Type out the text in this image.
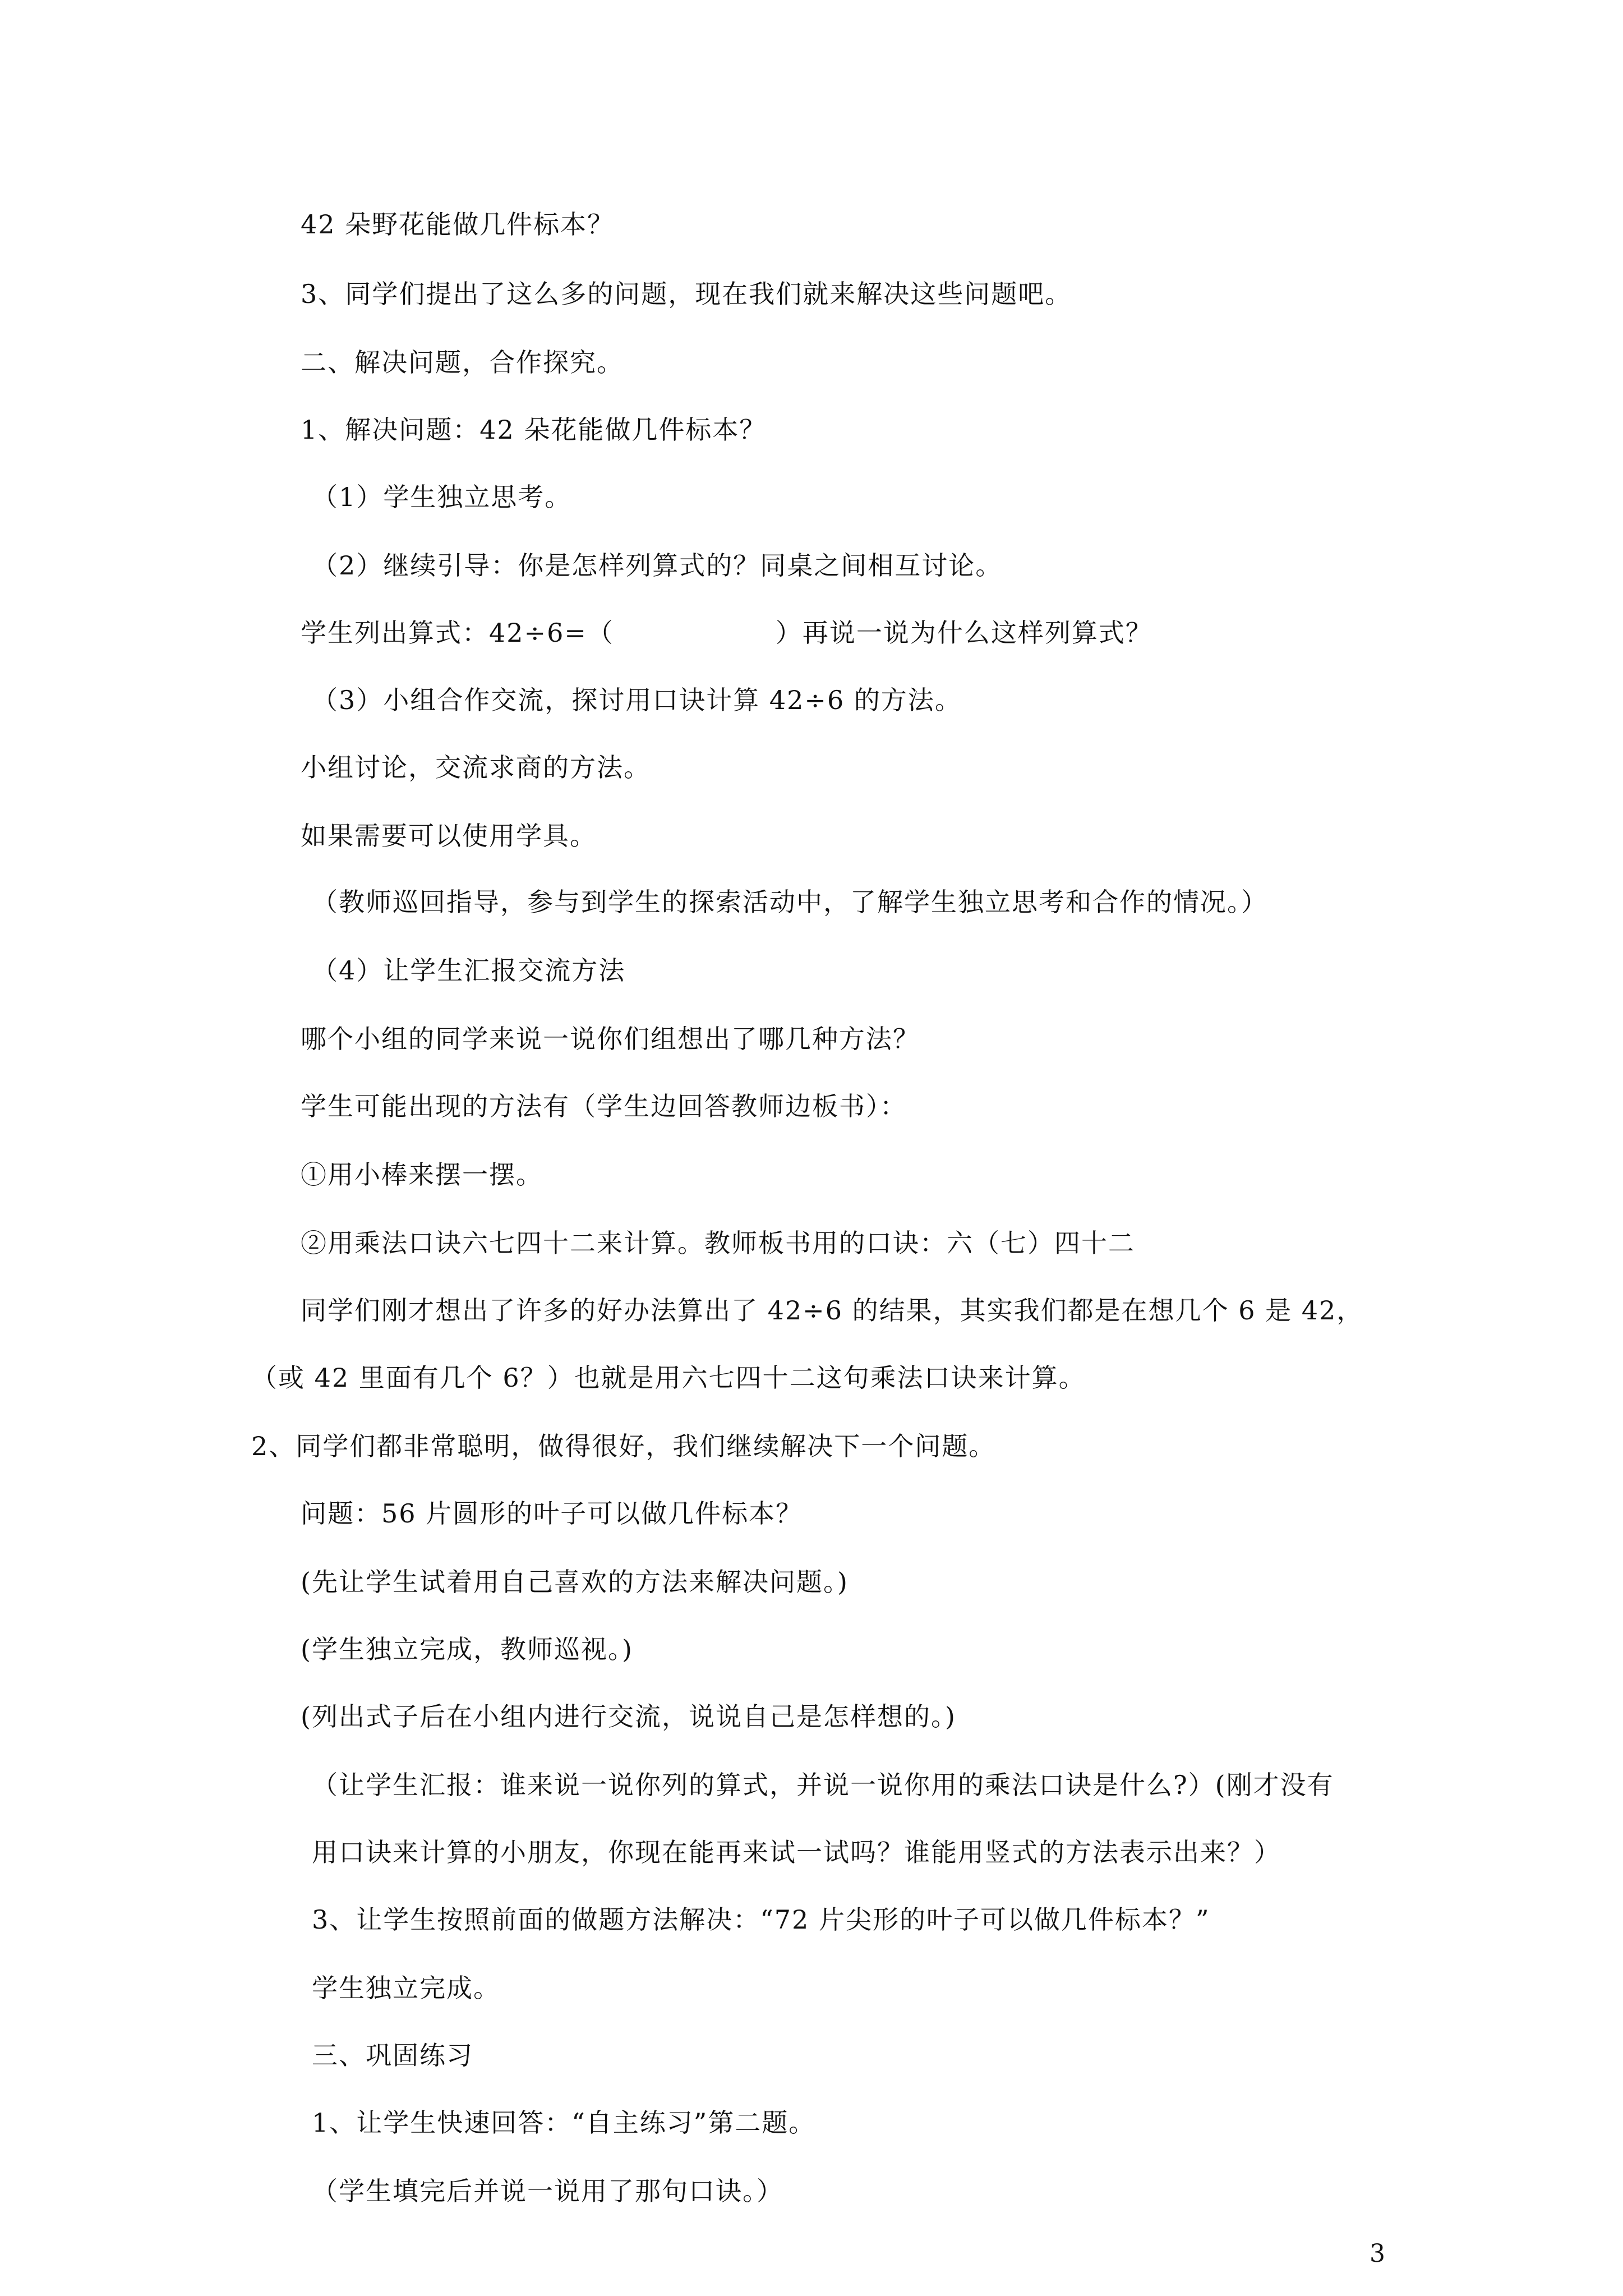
42 朵野花能做几件标本？
3、同学们提出了这么多的问题，现在我们就来解决这些问题吧。
二、解决问题，合作探究。
1、解决问题：42 朵花能做几件标本？
（1）学生独立思考。
（2）继续引导：你是怎样列算式的？同桌之间相互讨论。
学生列出算式：42÷6=（　　　　　　）再说一说为什么这样列算式？
（3）小组合作交流，探讨用口诀计算 42÷6 的方法。
小组讨论，交流求商的方法。
如果需要可以使用学具。
（教师巡回指导，参与到学生的探索活动中，了解学生独立思考和合作的情况。）
（4）让学生汇报交流方法
哪个小组的同学来说一说你们组想出了哪几种方法？
学生可能出现的方法有（学生边回答教师边板书）：
①用小棒来摆一摆。
②用乘法口诀六七四十二来计算。教师板书用的口诀：六（七）四十二
同学们刚才想出了许多的好办法算出了 42÷6 的结果，其实我们都是在想几个 6 是 42，
（或 42 里面有几个 6？）也就是用六七四十二这句乘法口诀来计算。
2、同学们都非常聪明，做得很好，我们继续解决下一个问题。
问题：56 片圆形的叶子可以做几件标本？
(先让学生试着用自己喜欢的方法来解决问题。)
(学生独立完成，教师巡视。)
(列出式子后在小组内进行交流，说说自己是怎样想的。)
（让学生汇报：谁来说一说你列的算式，并说一说你用的乘法口诀是什么?）(刚才没有
用口诀来计算的小朋友，你现在能再来试一试吗？谁能用竖式的方法表示出来？）
3、让学生按照前面的做题方法解决：“72 片尖形的叶子可以做几件标本？”
学生独立完成。
三、巩固练习
1、让学生快速回答：“自主练习”第二题。
（学生填完后并说一说用了那句口诀。）
3
